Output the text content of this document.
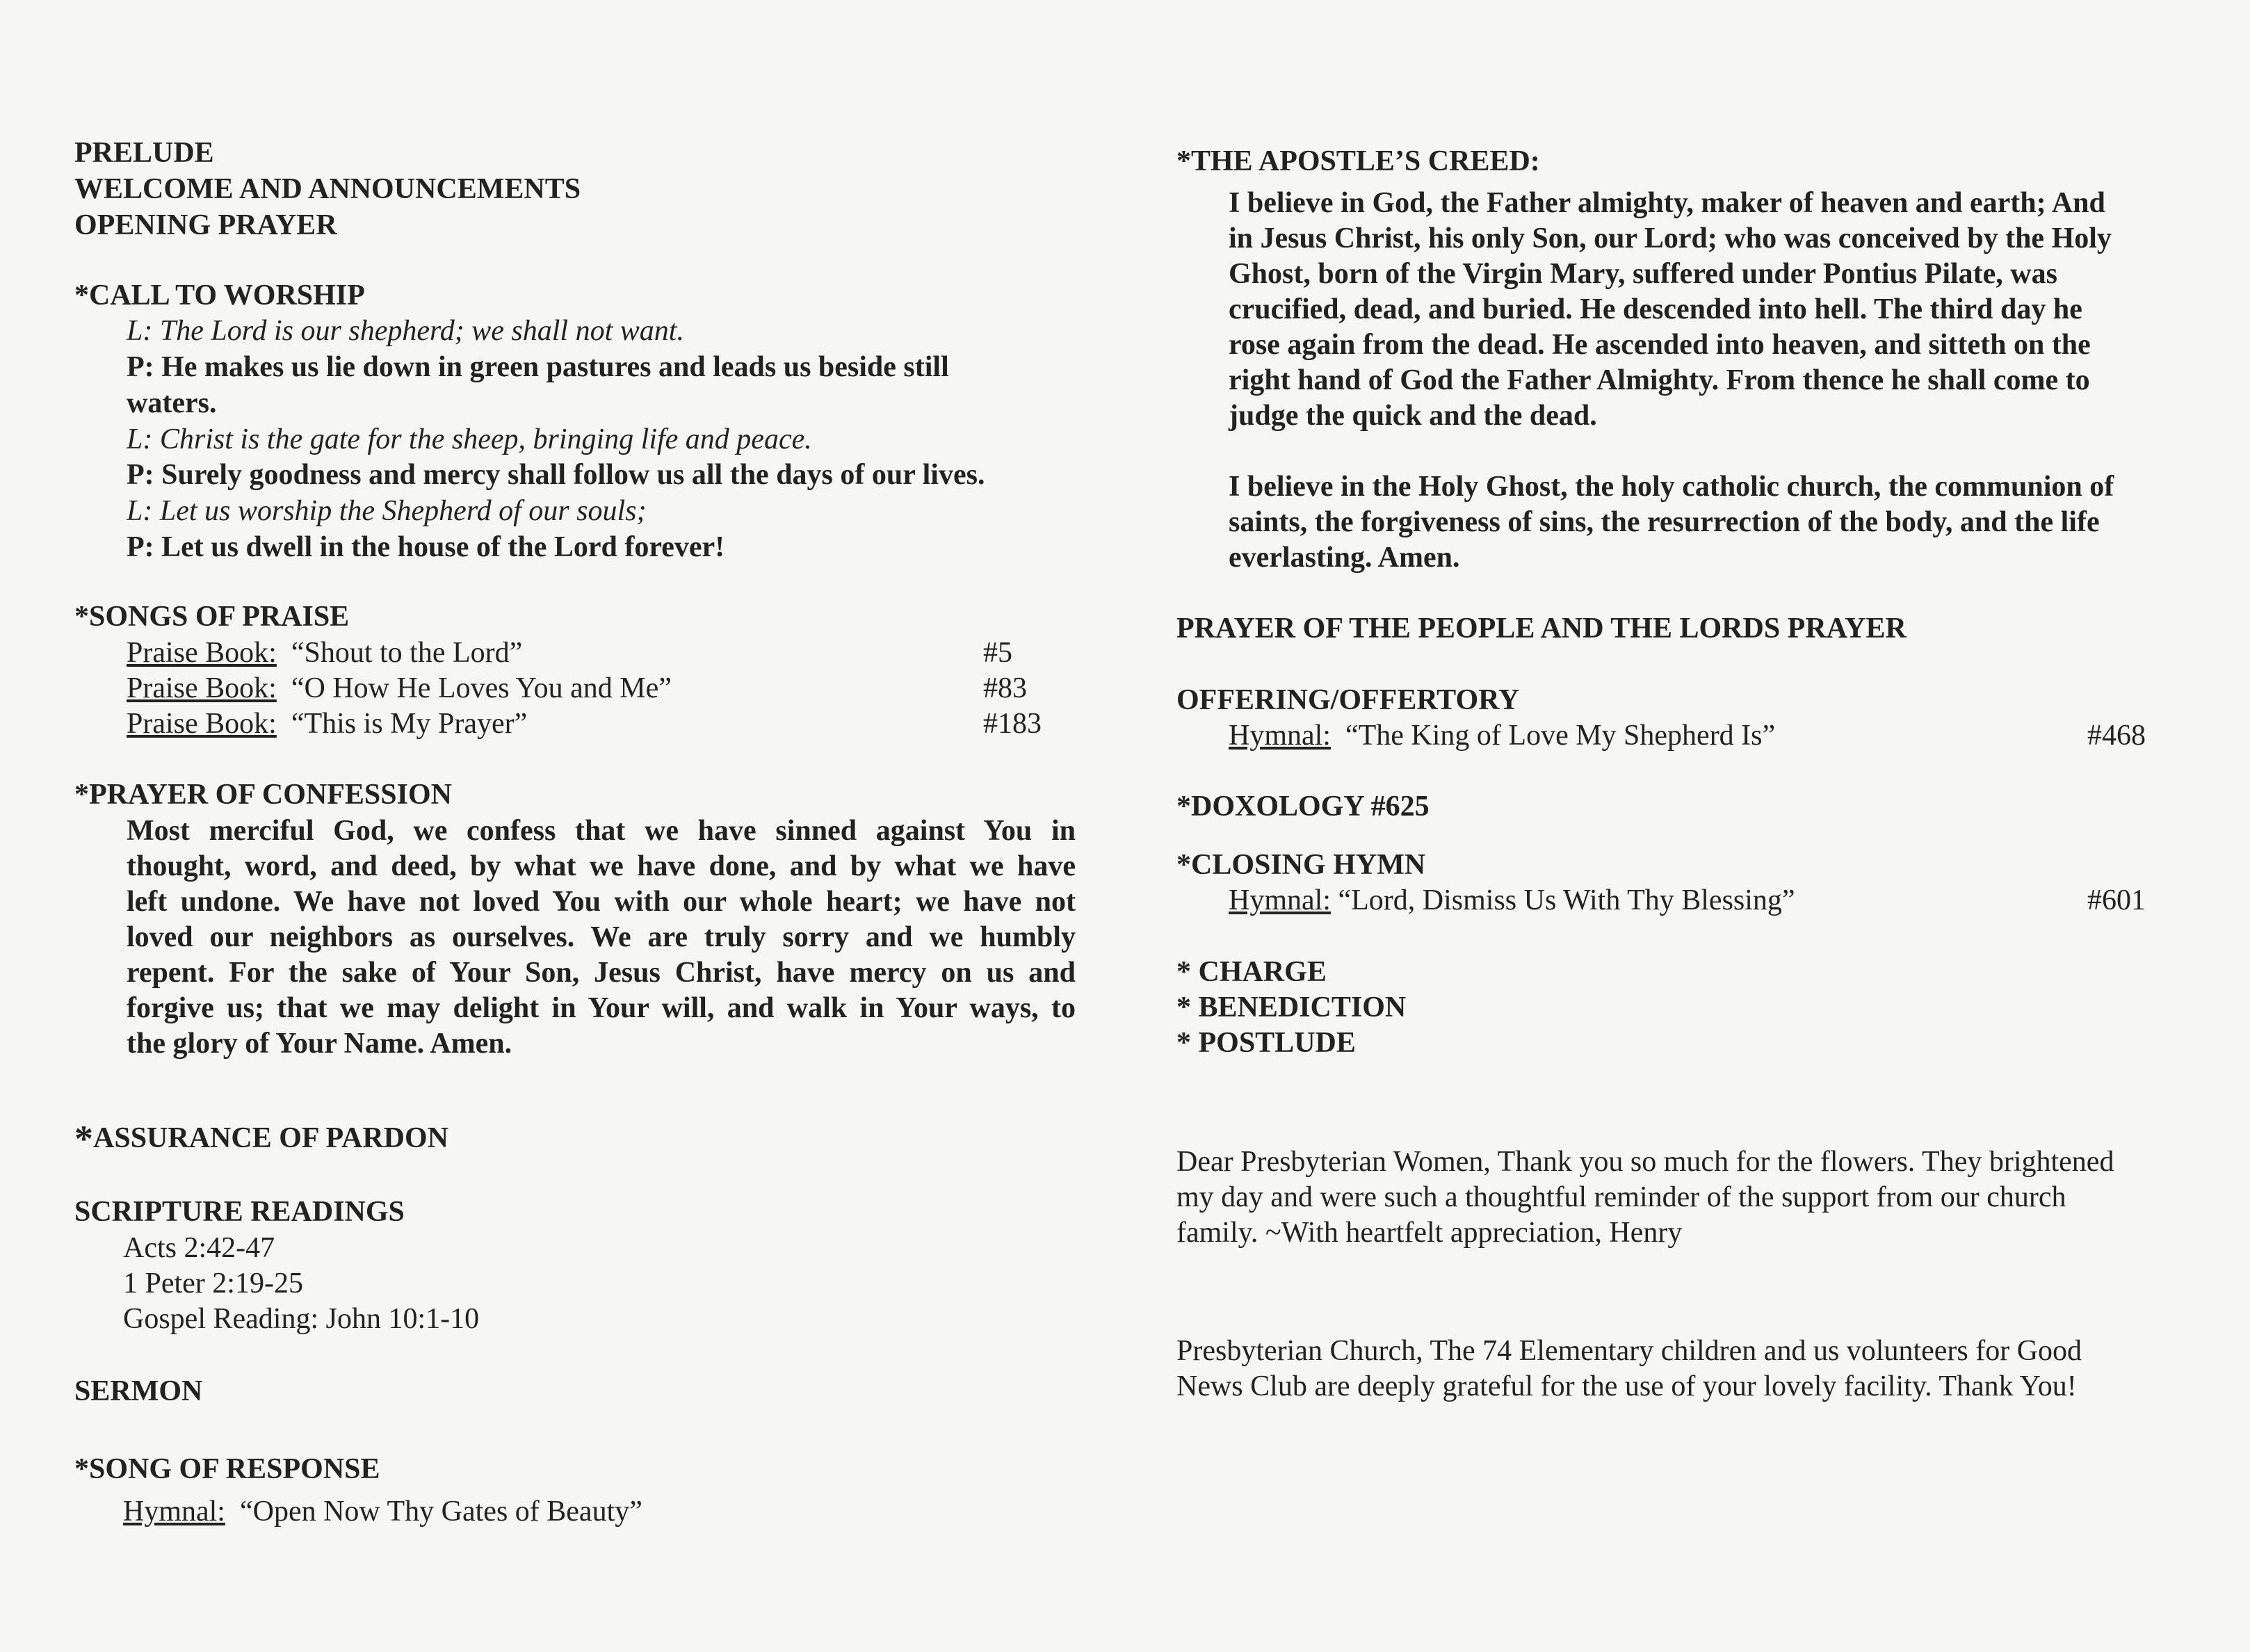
PRELUDE
WELCOME AND ANNOUNCEMENTS
OPENING PRAYER
*CALL TO WORSHIP
L: The Lord is our shepherd; we shall not want.
P: He makes us lie down in green pastures and leads us beside still
waters.
L: Christ is the gate for the sheep, bringing life and peace.
P: Surely goodness and mercy shall follow us all the days of our lives.
L: Let us worship the Shepherd of our souls;
P: Let us dwell in the house of the Lord forever!
*SONGS OF PRAISE
Praise Book: “Shout to the Lord”	#5
Praise Book: “O How He Loves You and Me”	#83
Praise Book: “This is My Prayer”	#183
*PRAYER OF CONFESSION
Most merciful God, we confess that we have sinned against You in
thought, word, and deed, by what we have done, and by what we have
left undone. We have not loved You with our whole heart; we have not
loved our neighbors as ourselves. We are truly sorry and we humbly
repent. For the sake of Your Son, Jesus Christ, have mercy on us and
forgive us; that we may delight in Your will, and walk in Your ways, to
the glory of Your Name. Amen.
*ASSURANCE OF PARDON
SCRIPTURE READINGS
Acts 2:42-47
1 Peter 2:19-25
Gospel Reading: John 10:1-10
SERMON
*SONG OF RESPONSE
Hymnal: “Open Now Thy Gates of Beauty”
*THE APOSTLE’S CREED:
I believe in God, the Father almighty, maker of heaven and earth; And
in Jesus Christ, his only Son, our Lord; who was conceived by the Holy
Ghost, born of the Virgin Mary, suffered under Pontius Pilate, was
crucified, dead, and buried. He descended into hell. The third day he
rose again from the dead. He ascended into heaven, and sitteth on the
right hand of God the Father Almighty. From thence he shall come to
judge the quick and the dead.
I believe in the Holy Ghost, the holy catholic church, the communion of
saints, the forgiveness of sins, the resurrection of the body, and the life
everlasting. Amen.
PRAYER OF THE PEOPLE AND THE LORDS PRAYER
OFFERING/OFFERTORY
Hymnal: “The King of Love My Shepherd Is”	#468
*DOXOLOGY #625
*CLOSING HYMN
Hymnal: “Lord, Dismiss Us With Thy Blessing”	#601
* CHARGE
* BENEDICTION
* POSTLUDE
Dear Presbyterian Women, Thank you so much for the flowers. They brightened
my day and were such a thoughtful reminder of the support from our church
family. ~With heartfelt appreciation, Henry
Presbyterian Church, The 74 Elementary children and us volunteers for Good
News Club are deeply grateful for the use of your lovely facility. Thank You!
